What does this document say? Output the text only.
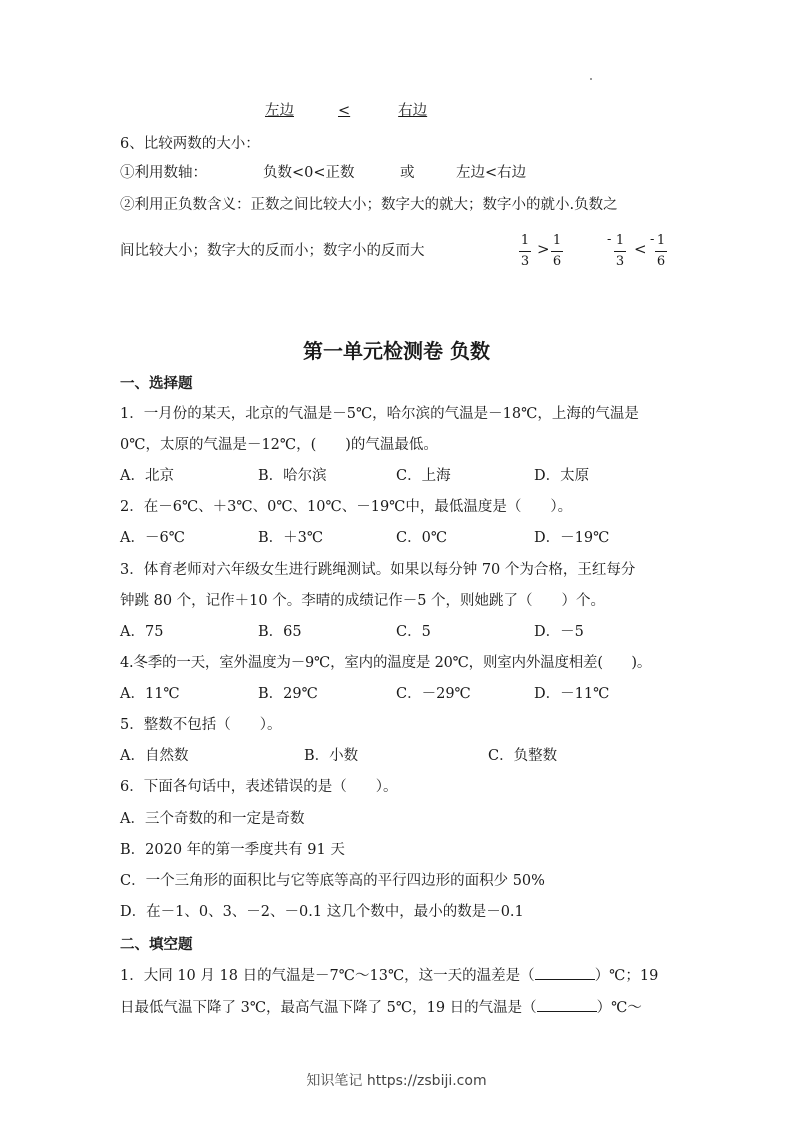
左边	<	右边
6、比较两数的大小：
①利用数轴：	负数<0<正数	或	左边<右边
②利用正负数含义：正数之间比较大小；数字大的就大；数字小的就小.负数之
间比较大小；数字大的反而小；数字小的反而大
1
3
> 1
6
- 1
3
<
- 1
6
第一单元检测卷 负数
一、选择题
1．一月份的某天，北京的气温是－5℃，哈尔滨的气温是－18℃，上海的气温是
0℃，太原的气温是－12℃，(　　)的气温最低。
A．北京	B．哈尔滨	C．上海	D．太原
2．在－6℃、＋3℃、0℃、10℃、－19℃中，最低温度是（　　）。
A．－6℃	B．＋3℃	C．0℃	D．－19℃
3．体育老师对六年级女生进行跳绳测试。如果以每分钟 70 个为合格，王红每分
钟跳 80 个，记作＋10 个。李晴的成绩记作－5 个，则她跳了（　　）个。
A．75	B．65	C．5	D．－5
4.冬季的一天，室外温度为－9℃，室内的温度是 20℃，则室内外温度相差(　　)。
A．11℃	B．29℃	C．－29℃	D．－11℃
5．整数不包括（　　）。
A．自然数	B．小数	C．负整数
6．下面各句话中，表述错误的是（　　）。
A．三个奇数的和一定是奇数
B．2020 年的第一季度共有 91 天
C．一个三角形的面积比与它等底等高的平行四边形的面积少 50%
D．在－1、0、3、－2、－0.1 这几个数中，最小的数是－0.1
二、填空题
1．大同 10 月 18 日的气温是－7℃～13℃，这一天的温差是（	）℃；19
日最低气温下降了 3℃，最高气温下降了 5℃，19 日的气温是（	）℃～
知识笔记 https://zsbiji.com
